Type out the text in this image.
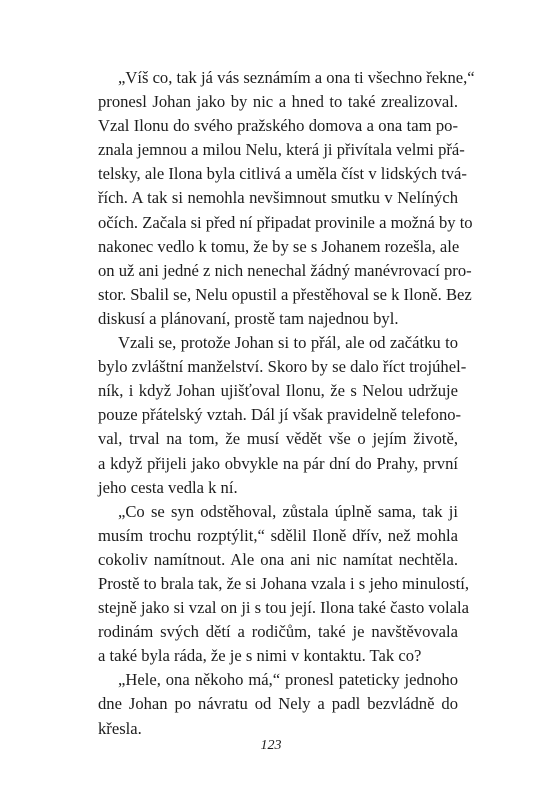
„Víš co, tak já vás seznámím a ona ti všechno řekne,“
pronesl Johan jako by nic a hned to také zrealizoval.
Vzal Ilonu do svého pražského domova a ona tam po-
znala jemnou a milou Nelu, která ji přivítala velmi přá-
telsky, ale Ilona byla citlivá a uměla číst v lidských tvá-
řích. A tak si nemohla nevšimnout smutku v Nelíných
očích. Začala si před ní připadat provinile a možná by to
nakonec vedlo k tomu, že by se s Johanem rozešla, ale
on už ani jedné z nich nenechal žádný manévrovací pro-
stor. Sbalil se, Nelu opustil a přestěhoval se k Iloně. Bez
diskusí a plánovaní, prostě tam najednou byl.
Vzali se, protože Johan si to přál, ale od začátku to
bylo zvláštní manželství. Skoro by se dalo říct trojúhel-
ník, i když Johan ujišťoval Ilonu, že s Nelou udržuje
pouze přátelský vztah. Dál jí však pravidelně telefono-
val, trval na tom, že musí vědět vše o jejím životě,
a když přijeli jako obvykle na pár dní do Prahy, první
jeho cesta vedla k ní.
„Co se syn odstěhoval, zůstala úplně sama, tak ji
musím trochu rozptýlit,“ sdělil Iloně dřív, než mohla
cokoliv namítnout. Ale ona ani nic namítat nechtěla.
Prostě to brala tak, že si Johana vzala i s jeho minulostí,
stejně jako si vzal on ji s tou její. Ilona také často volala
rodinám svých dětí a rodičům, také je navštěvovala
a také byla ráda, že je s nimi v kontaktu. Tak co?
„Hele, ona někoho má,“ pronesl pateticky jednoho
dne Johan po návratu od Nely a padl bezvládně do
křesla.
123
